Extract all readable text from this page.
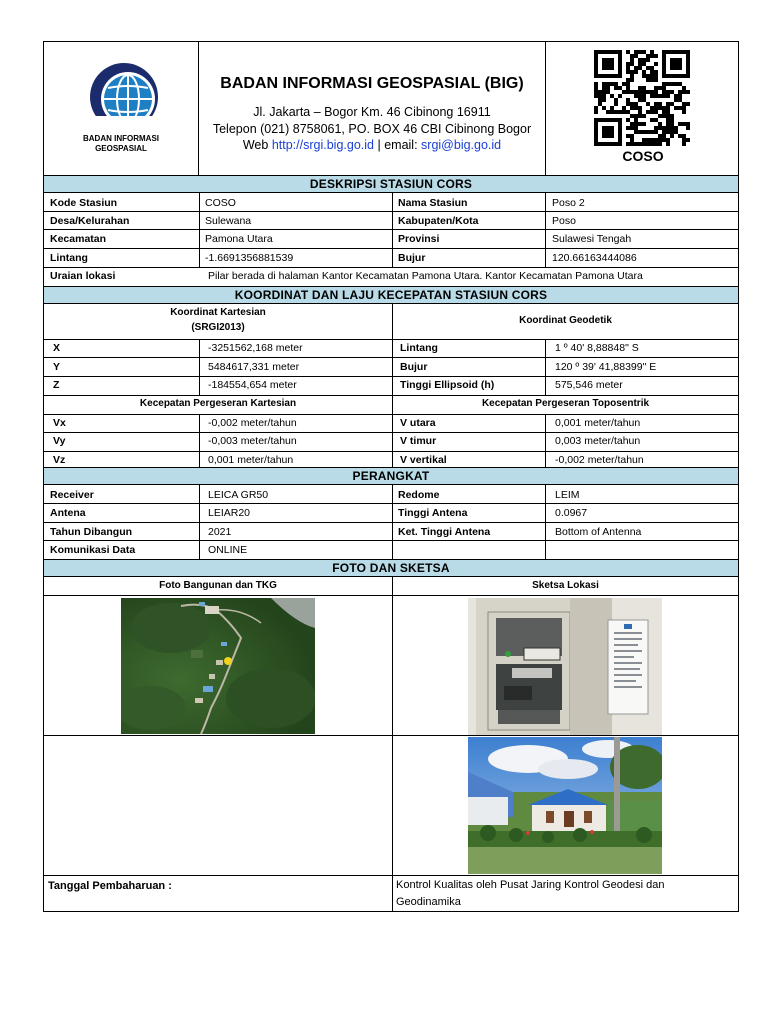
BADAN INFORMASI
GEOSPASIAL
BADAN INFORMASI GEOSPASIAL (BIG)
Jl. Jakarta – Bogor Km. 46 Cibinong 16911
Telepon (021) 8758061, PO. BOX 46 CBI Cibinong Bogor
Web http://srgi.big.go.id | email: srgi@big.go.id
COSO
DESKRIPSI STASIUN CORS
Kode Stasiun	COSO	Nama Stasiun	Poso 2
Desa/Kelurahan	Sulewana	Kabupaten/Kota	Poso
Kecamatan	Pamona Utara	Provinsi	Sulawesi Tengah
Lintang	-1.6691356881539	Bujur	120.66163444086
Uraian lokasi	Pilar berada di halaman Kantor Kecamatan Pamona Utara. Kantor Kecamatan Pamona Utara
KOORDINAT DAN LAJU KECEPATAN STASIUN CORS
Koordinat Kartesian
(SRGI2013)
Koordinat Geodetik
X	-3251562,168 meter	Lintang	1 º 40' 8,88848" S
Y	5484617,331 meter	Bujur	120 º 39' 41,88399" E
Z	-184554,654 meter	Tinggi Ellipsoid (h)	575,546 meter
Kecepatan Pergeseran Kartesian	Kecepatan Pergeseran Toposentrik
Vx	-0,002 meter/tahun	V utara	0,001 meter/tahun
Vy	-0,003 meter/tahun	V timur	0,003 meter/tahun
Vz	0,001 meter/tahun	V vertikal	-0,002 meter/tahun
PERANGKAT
Receiver	LEICA GR50	Redome	LEIM
Antena	LEIAR20	Tinggi Antena	0.0967
Tahun Dibangun	2021	Ket. Tinggi Antena	Bottom of Antenna
Komunikasi Data	ONLINE
FOTO DAN SKETSA
Foto Bangunan dan TKG	Sketsa Lokasi
Tanggal Pembaharuan :	Kontrol Kualitas oleh Pusat Jaring Kontrol Geodesi dan
Geodinamika
